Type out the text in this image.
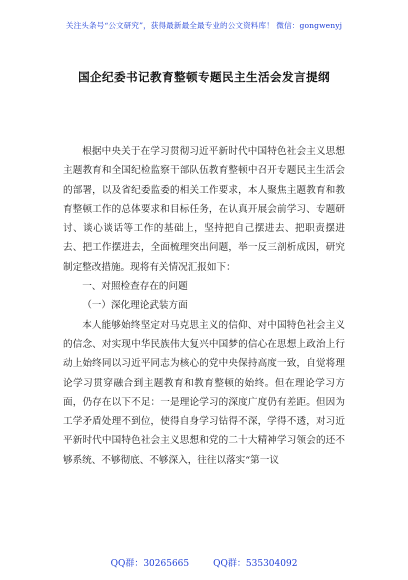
关注头条号“公文研究”，获得最新最全最专业的公文资料库！ 微信：gongwenyj
国企纪委书记教育整顿专题民主生活会发言提纲

根据中央关于在学习贯彻习近平新时代中国特色社会主义思想主题教育和全国纪检监察干部队伍教育整顿中召开专题民主生活会的部署，以及省纪委监委的相关工作要求，本人聚焦主题教育和教育整顿工作的总体要求和目标任务，在认真开展会前学习、专题研讨、谈心谈话等工作的基础上，坚持把自己摆进去、把职责摆进去、把工作摆进去，全面梳理突出问题，举一反三剖析成因，研究制定整改措施。现将有关情况汇报如下：

一、对照检查存在的问题

（一）深化理论武装方面

本人能够始终坚定对马克思主义的信仰、对中国特色社会主义的信念、对实现中华民族伟大复兴中国梦的信心在思想上政治上行动上始终同以习近平同志为核心的党中央保持高度一致，自觉将理论学习贯穿融合到主题教育和教育整顿的始终。但在理论学习方面，仍存在以下不足：一是理论学习的深度广度仍有差距。但因为工学矛盾处理不到位，使得自身学习钻得不深，学得不透，对习近平新时代中国特色社会主义思想和党的二十大精神学习领会的还不够系统、不够彻底、不够深入，往往以落实“第一议

QQ群：30265665	QQ群：535304092
